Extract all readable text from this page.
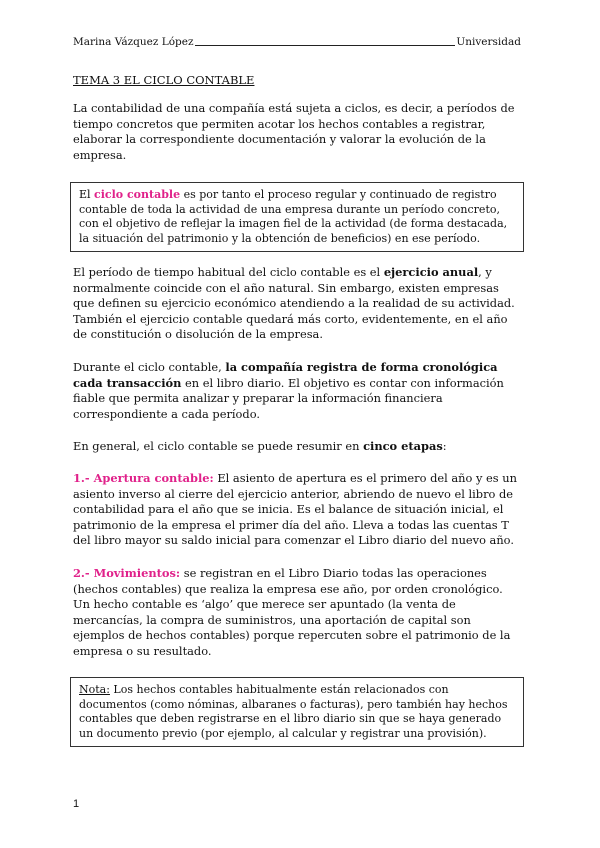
Marina Vázquez López	Universidad
TEMA 3 EL CICLO CONTABLE

La contabilidad de una compañía está sujeta a ciclos, es decir, a períodos de tiempo concretos que permiten acotar los hechos contables a registrar, elaborar la correspondiente documentación y valorar la evolución de la empresa.

El ciclo contable es por tanto el proceso regular y continuado de registro contable de toda la actividad de una empresa durante un período concreto, con el objetivo de reflejar la imagen fiel de la actividad (de forma destacada, la situación del patrimonio y la obtención de beneficios) en ese período.

El período de tiempo habitual del ciclo contable es el ejercicio anual, y normalmente coincide con el año natural. Sin embargo, existen empresas que definen su ejercicio económico atendiendo a la realidad de su actividad. También el ejercicio contable quedará más corto, evidentemente, en el año de constitución o disolución de la empresa.

Durante el ciclo contable, la compañía registra de forma cronológica cada transacción en el libro diario. El objetivo es contar con información fiable que permita analizar y preparar la información financiera correspondiente a cada período.

En general, el ciclo contable se puede resumir en cinco etapas:

1.- Apertura contable: El asiento de apertura es el primero del año y es un asiento inverso al cierre del ejercicio anterior, abriendo de nuevo el libro de contabilidad para el año que se inicia. Es el balance de situación inicial, el patrimonio de la empresa el primer día del año. Lleva a todas las cuentas T del libro mayor su saldo inicial para comenzar el Libro diario del nuevo año.

2.- Movimientos: se registran en el Libro Diario todas las operaciones (hechos contables) que realiza la empresa ese año, por orden cronológico. Un hecho contable es ‘algo’ que merece ser apuntado (la venta de mercancías, la compra de suministros, una aportación de capital son ejemplos de hechos contables) porque repercuten sobre el patrimonio de la empresa o su resultado.

Nota: Los hechos contables habitualmente están relacionados con documentos (como nóminas, albaranes o facturas), pero también hay hechos contables que deben registrarse en el libro diario sin que se haya generado un documento previo (por ejemplo, al calcular y registrar una provisión).

1
